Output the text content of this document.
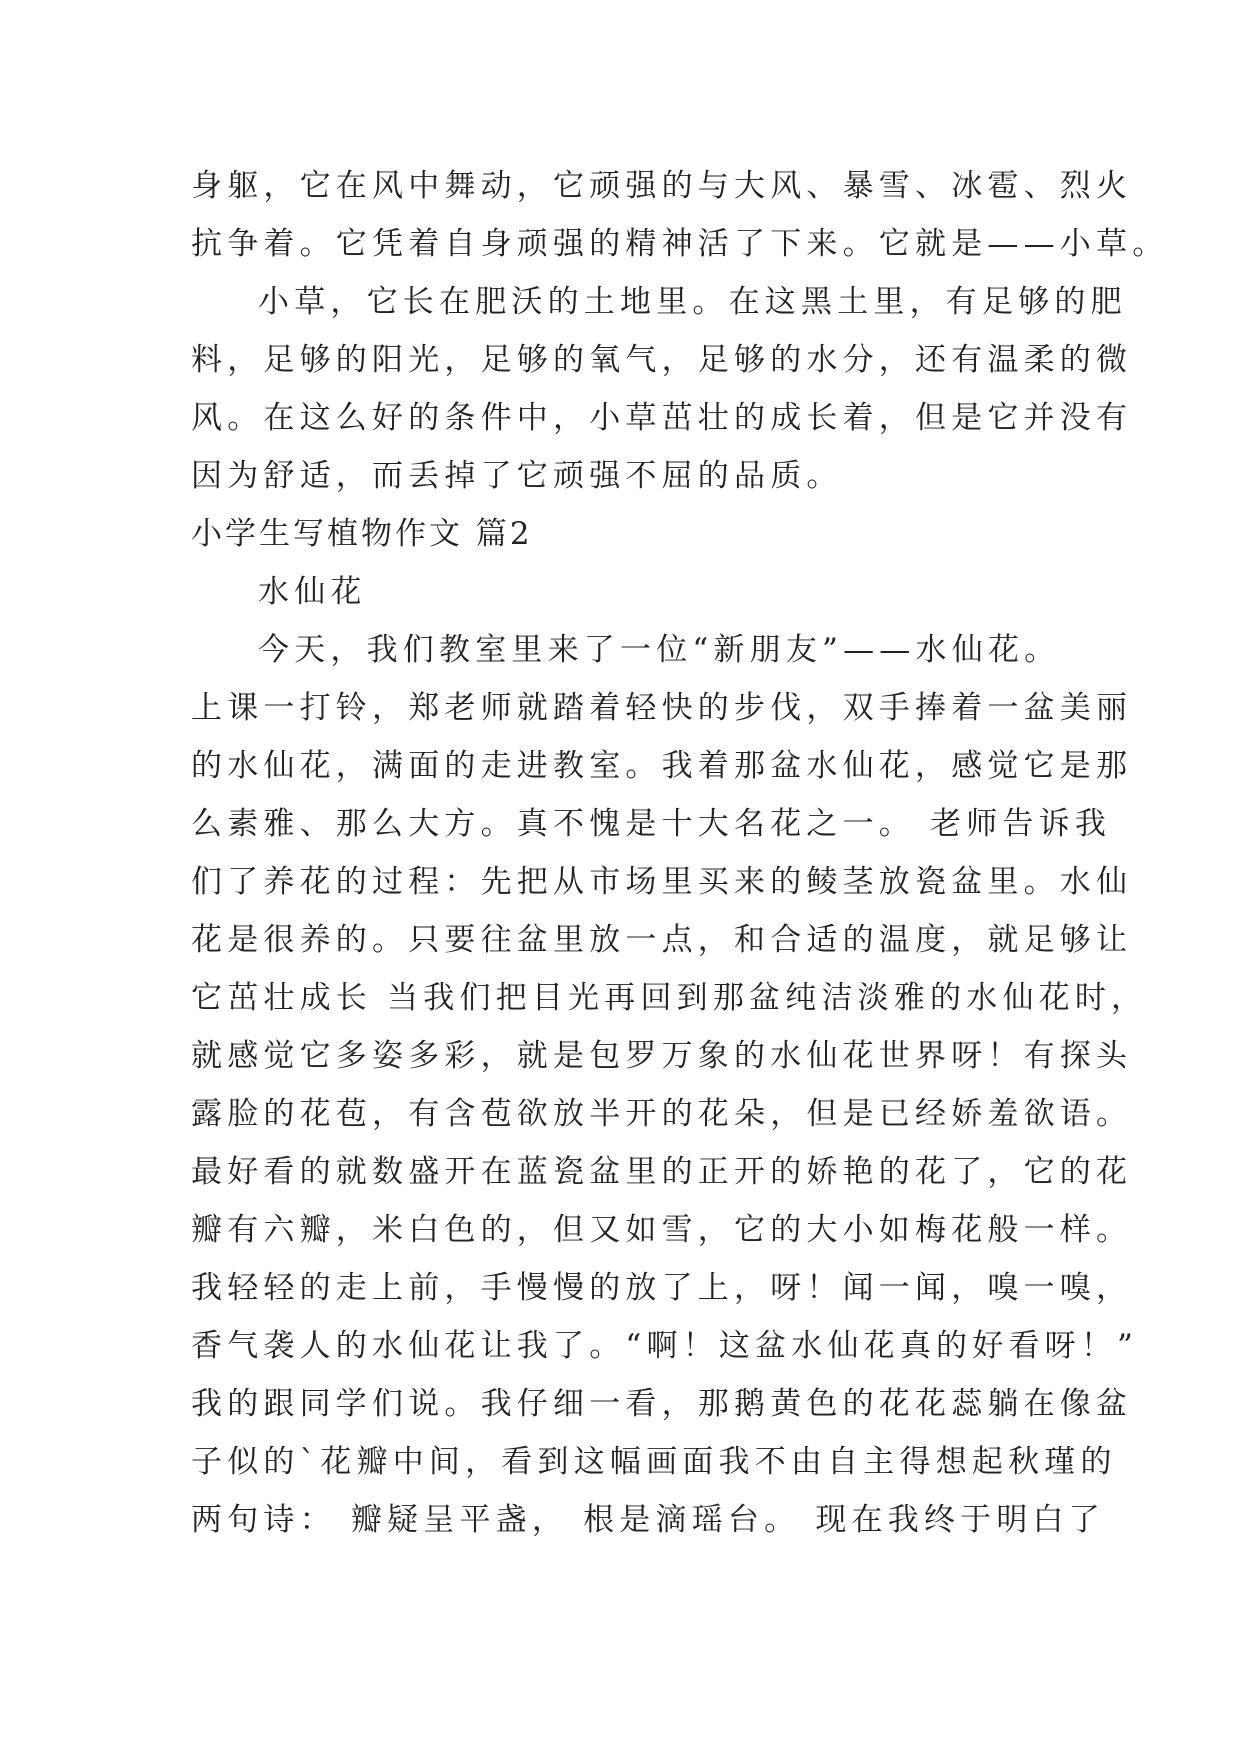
身躯，它在风中舞动，它顽强的与大风、暴雪、冰雹、烈火
抗争着。它凭着自身顽强的精神活了下来。它就是——小草。
小草，它长在肥沃的土地里。在这黑土里，有足够的肥
料，足够的阳光，足够的氧气，足够的水分，还有温柔的微
风。在这么好的条件中，小草茁壮的成长着，但是它并没有
因为舒适，而丢掉了它顽强不屈的品质。
小学生写植物作文 篇2
水仙花
今天，我们教室里来了一位“新朋友”——水仙花。
上课一打铃，郑老师就踏着轻快的步伐，双手捧着一盆美丽
的水仙花，满面的走进教室。我着那盆水仙花，感觉它是那
么素雅、那么大方。真不愧是十大名花之一。 老师告诉我
们了养花的过程：先把从市场里买来的鲮茎放瓷盆里。水仙
花是很养的。只要往盆里放一点，和合适的温度，就足够让
它茁壮成长 当我们把目光再回到那盆纯洁淡雅的水仙花时，
就感觉它多姿多彩，就是包罗万象的水仙花世界呀！有探头
露脸的花苞，有含苞欲放半开的花朵，但是已经娇羞欲语。
最好看的就数盛开在蓝瓷盆里的正开的娇艳的花了，它的花
瓣有六瓣，米白色的，但又如雪，它的大小如梅花般一样。
我轻轻的走上前，手慢慢的放了上，呀！闻一闻，嗅一嗅，
香气袭人的水仙花让我了。“啊！这盆水仙花真的好看呀！”
我的跟同学们说。我仔细一看，那鹅黄色的花花蕊躺在像盆
子似的`花瓣中间，看到这幅画面我不由自主得想起秋瑾的
两句诗： 瓣疑呈平盏， 根是滴瑶台。 现在我终于明白了
